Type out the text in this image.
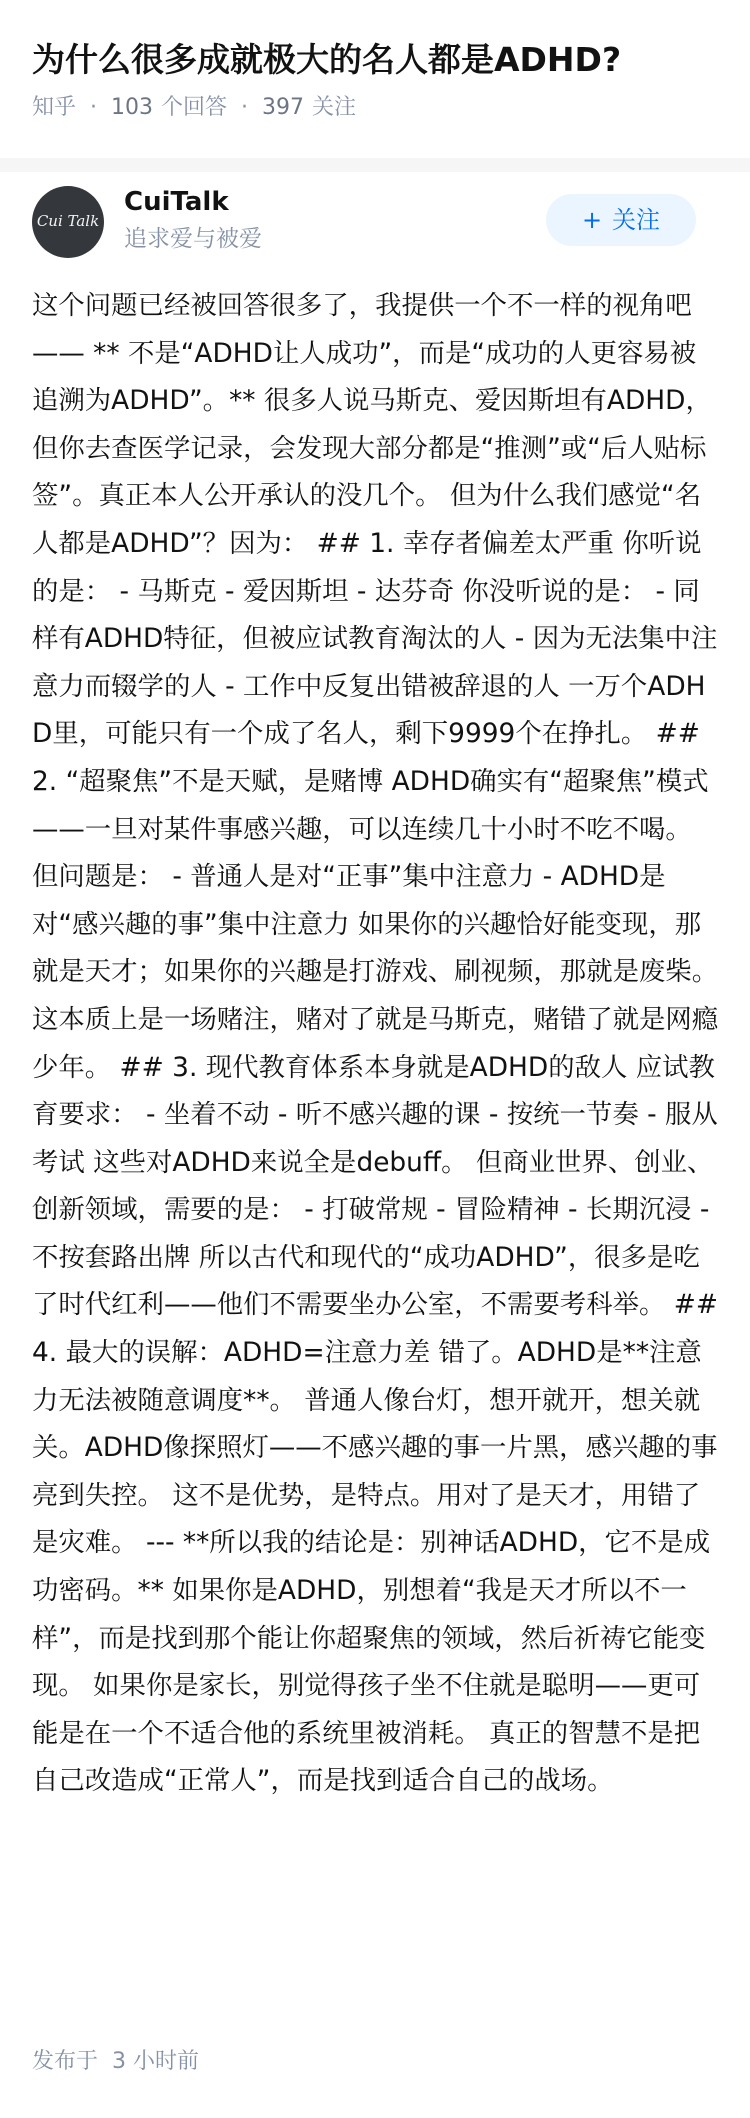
为什么很多成就极大的名人都是ADHD?
知乎 · 103 个回答 · 397 关注
Cui Talk
CuiTalk
追求爱与被爱
+ 关注
这个问题已经被回答很多了，我提供一个不一样的视角吧—— ** 不是“ADHD让人成功”，而是“成功的人更容易被追溯为ADHD”。** 很多人说马斯克、爱因斯坦有ADHD，但你去查医学记录，会发现大部分都是“推测”或“后人贴标签”。真正本人公开承认的没几个。 但为什么我们感觉“名人都是ADHD”？因为： ## 1. 幸存者偏差太严重 你听说的是： - 马斯克 - 爱因斯坦 - 达芬奇 你没听说的是： - 同样有ADHD特征，但被应试教育淘汰的人 - 因为无法集中注意力而辍学的人 - 工作中反复出错被辞退的人 一万个ADHD里，可能只有一个成了名人，剩下9999个在挣扎。 ## 2. “超聚焦”不是天赋，是赌博 ADHD确实有“超聚焦”模式——一旦对某件事感兴趣，可以连续几十小时不吃不喝。 但问题是： - 普通人是对“正事”集中注意力 - ADHD是对“感兴趣的事”集中注意力 如果你的兴趣恰好能变现，那就是天才；如果你的兴趣是打游戏、刷视频，那就是废柴。 这本质上是一场赌注，赌对了就是马斯克，赌错了就是网瘾少年。 ## 3. 现代教育体系本身就是ADHD的敌人 应试教育要求： - 坐着不动 - 听不感兴趣的课 - 按统一节奏 - 服从考试 这些对ADHD来说全是debuff。 但商业世界、创业、创新领域，需要的是： - 打破常规 - 冒险精神 - 长期沉浸 - 不按套路出牌 所以古代和现代的“成功ADHD”，很多是吃了时代红利——他们不需要坐办公室，不需要考科举。 ## 4. 最大的误解：ADHD=注意力差 错了。ADHD是**注意力无法被随意调度**。 普通人像台灯，想开就开，想关就关。ADHD像探照灯——不感兴趣的事一片黑，感兴趣的事亮到失控。 这不是优势，是特点。用对了是天才，用错了是灾难。 --- **所以我的结论是：别神话ADHD，它不是成功密码。** 如果你是ADHD，别想着“我是天才所以不一样”，而是找到那个能让你超聚焦的领域，然后祈祷它能变现。 如果你是家长，别觉得孩子坐不住就是聪明——更可能是在一个不适合他的系统里被消耗。 真正的智慧不是把自己改造成“正常人”，而是找到适合自己的战场。
发布于 3 小时前
